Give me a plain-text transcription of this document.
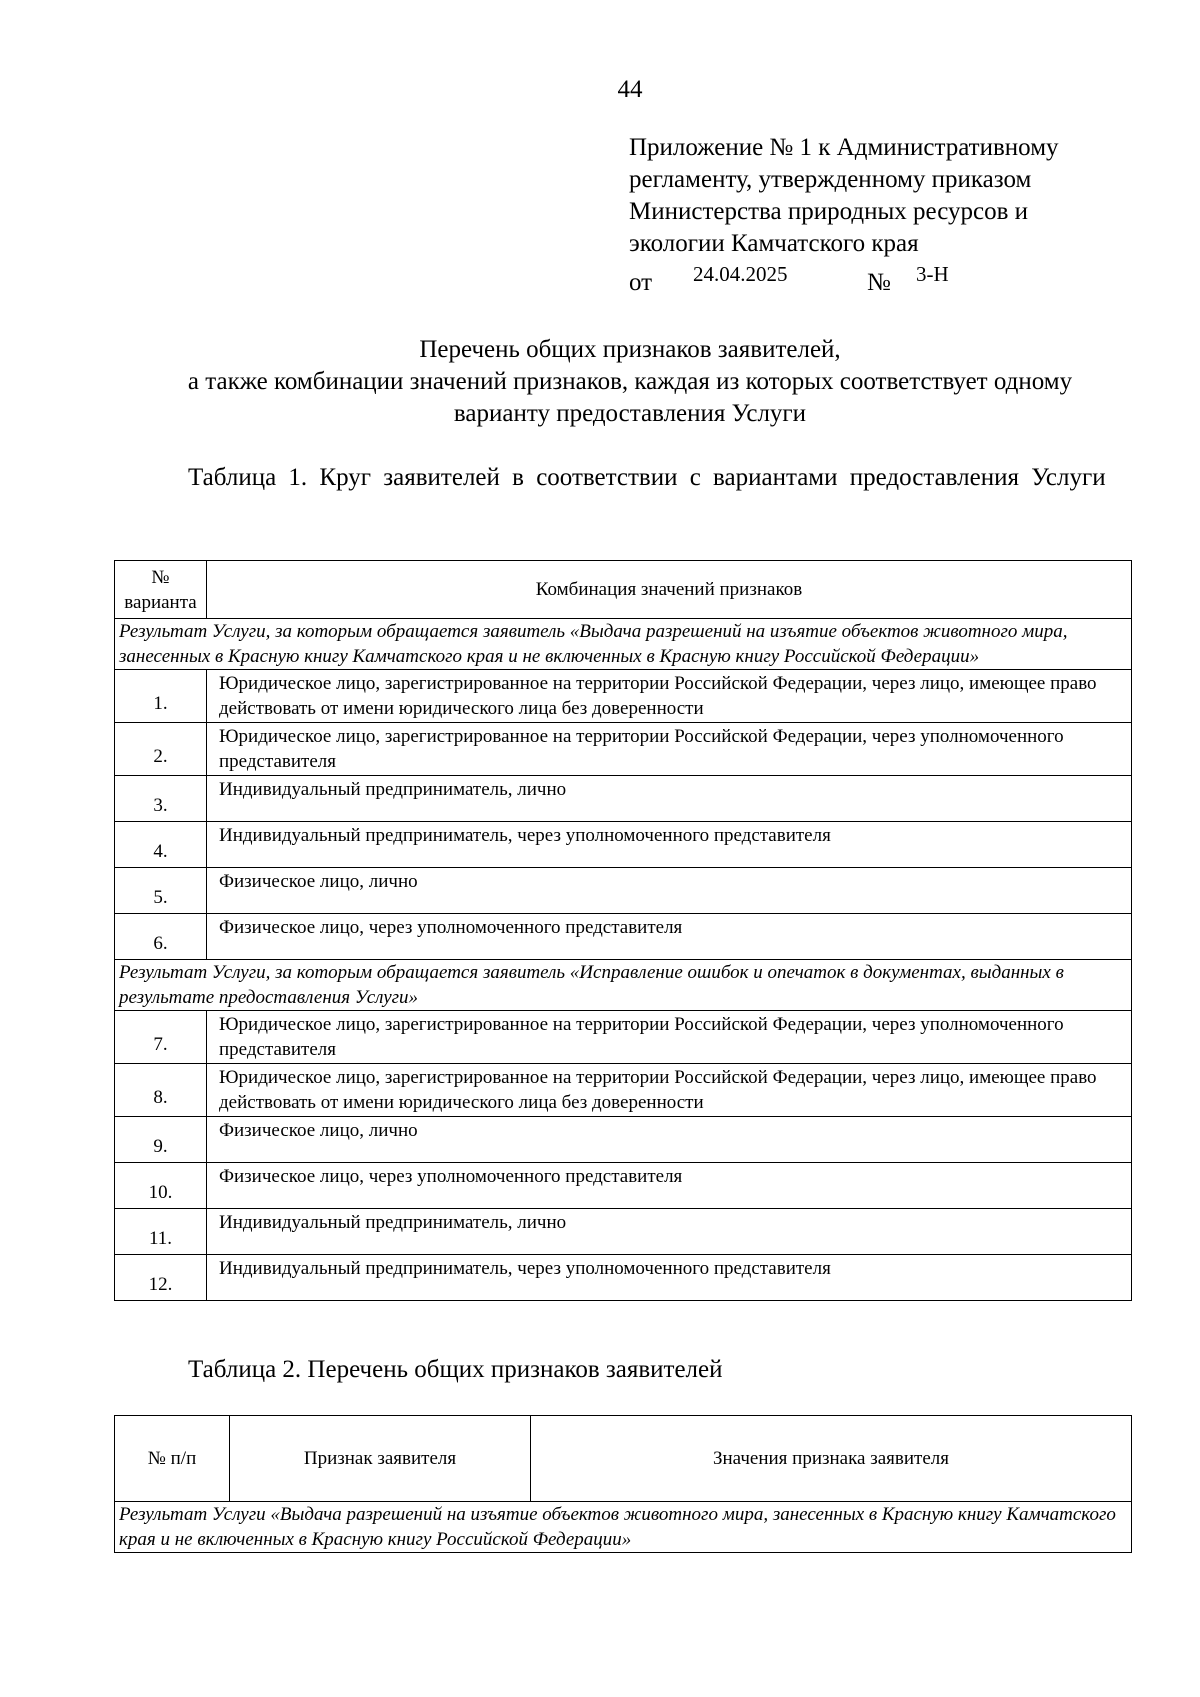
44
Приложение № 1 к Административному
регламенту, утвержденному приказом
Министерства природных ресурсов и
экологии Камчатского края
от 24.04.2025	№ 3-Н
Перечень общих признаков заявителей,
а также комбинации значений признаков, каждая из которых соответствует одному
варианту предоставления Услуги
Таблица 1. Круг заявителей в соответствии с вариантами предоставления Услуги
№
варианта	Комбинация значений признаков
Результат Услуги, за которым обращается заявитель «Выдача разрешений на изъятие объектов животного мира, занесенных в Красную книгу Камчатского края и не включенных в Красную книгу Российской Федерации»	

1.	Юридическое лицо, зарегистрированное на территории Российской Федерации, через лицо, имеющее право действовать от имени юридического лица без доверенности

2.	Юридическое лицо, зарегистрированное на территории Российской Федерации, через уполномоченного представителя

3.	Индивидуальный предприниматель, лично

4.	Индивидуальный предприниматель, через уполномоченного представителя

5.	Физическое лицо, лично

6.	Физическое лицо, через уполномоченного представителя
Результат Услуги, за которым обращается заявитель «Исправление ошибок и опечаток в документах, выданных в результате предоставления Услуги»	

7.	Юридическое лицо, зарегистрированное на территории Российской Федерации, через уполномоченного представителя

8.	Юридическое лицо, зарегистрированное на территории Российской Федерации, через лицо, имеющее право действовать от имени юридического лица без доверенности

9.	Физическое лицо, лично

10.	Физическое лицо, через уполномоченного представителя

11.	Индивидуальный предприниматель, лично

12.	Индивидуальный предприниматель, через уполномоченного представителя
Таблица 2. Перечень общих признаков заявителей
№ п/п	Признак заявителя	Значения признака заявителя
Результат Услуги «Выдача разрешений на изъятие объектов животного мира, занесенных в Красную книгу Камчатского края и не включенных в Красную книгу Российской Федерации»
